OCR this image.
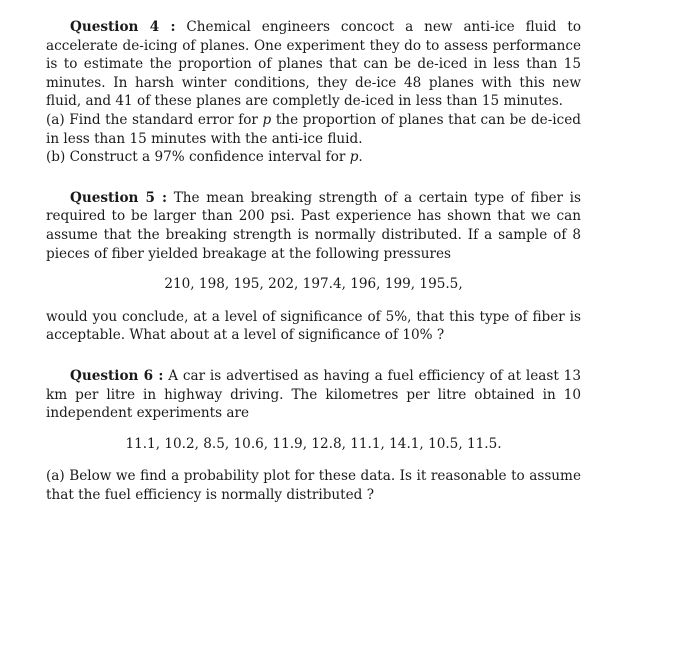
Question 4 : Chemical engineers concoct a new anti-ice fluid to accelerate de-icing of planes. One experiment they do to assess performance is to estimate the proportion of planes that can be de-iced in less than 15 minutes. In harsh winter conditions, they de-ice 48 planes with this new fluid, and 41 of these planes are completly de-iced in less than 15 minutes.

(a) Find the standard error for p the proportion of planes that can be de-iced in less than 15 minutes with the anti-ice fluid.

(b) Construct a 97% confidence interval for p.

Question 5 : The mean breaking strength of a certain type of fiber is required to be larger than 200 psi. Past experience has shown that we can assume that the breaking strength is normally distributed. If a sample of 8 pieces of fiber yielded breakage at the following pressures

210, 198, 195, 202, 197.4, 196, 199, 195.5,

would you conclude, at a level of significance of 5%, that this type of fiber is acceptable. What about at a level of significance of 10% ?

Question 6 : A car is advertised as having a fuel efficiency of at least 13 km per litre in highway driving. The kilometres per litre obtained in 10 independent experiments are

11.1, 10.2, 8.5, 10.6, 11.9, 12.8, 11.1, 14.1, 10.5, 11.5.

(a) Below we find a probability plot for these data. Is it reasonable to assume that the fuel efficiency is normally distributed ?
